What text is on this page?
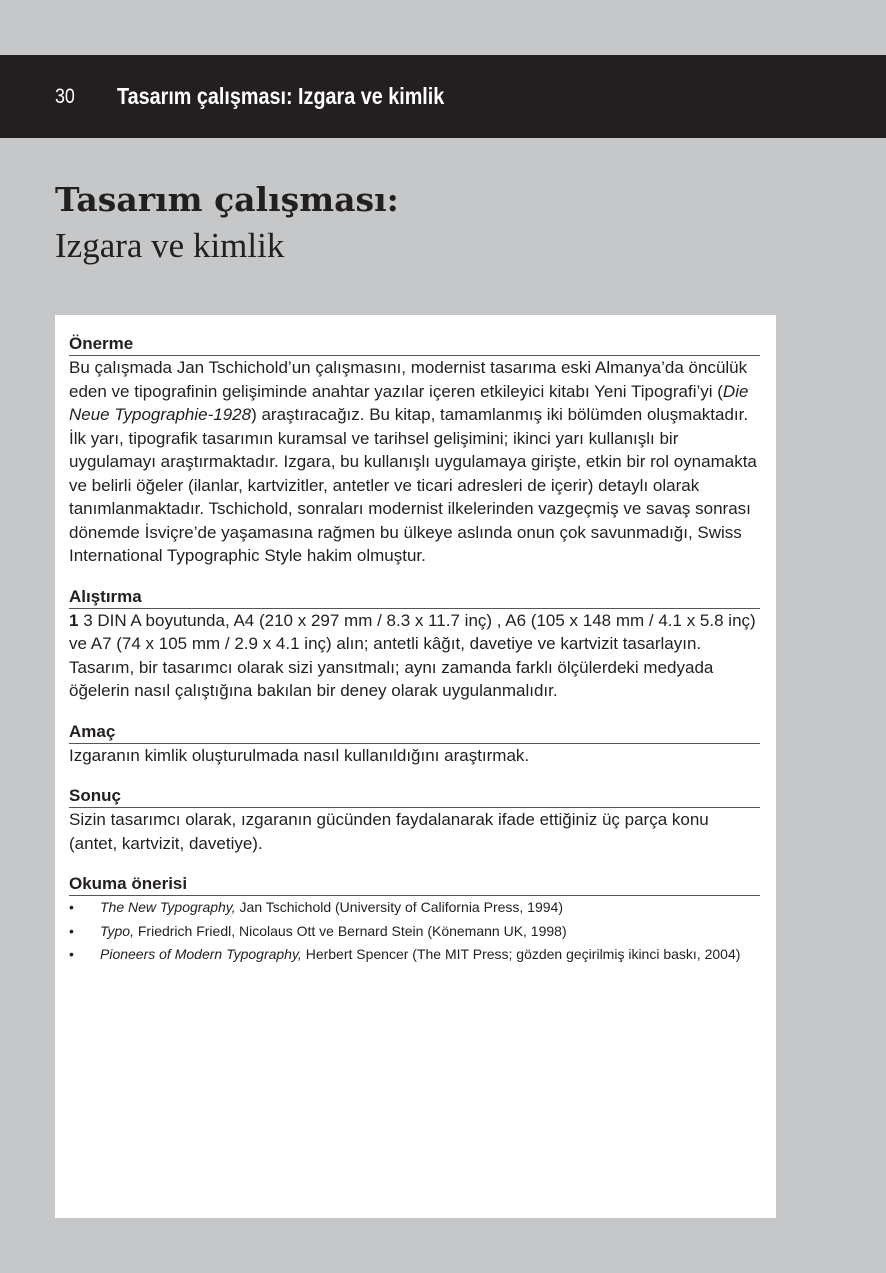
30 Tasarım çalışması: Izgara ve kimlik
Tasarım çalışması:
Izgara ve kimlik
Önerme

Bu çalışmada Jan Tschichold’un çalışmasını, modernist tasarıma eski Almanya’da öncülük eden ve tipografinin gelişiminde anahtar yazılar içeren etkileyici kitabı Yeni Tipografi’yi (Die Neue Typographie-1928) araştıracağız. Bu kitap, tamamlanmış iki bölümden oluşmaktadır. İlk yarı, tipografik tasarımın kuramsal ve tarihsel gelişimini; ikinci yarı kullanışlı bir uygulamayı araştırmaktadır. Izgara, bu kullanışlı uygulamaya girişte, etkin bir rol oynamakta ve belirli öğeler (ilanlar, kartvizitler, antetler ve ticari adresleri de içerir) detaylı olarak tanımlanmaktadır. Tschichold, sonraları modernist ilkelerinden vazgeçmiş ve savaş sonrası dönemde İsviçre’de yaşamasına rağmen bu ülkeye aslında onun çok savunmadığı, Swiss International Typographic Style hakim olmuştur.

Alıştırma

1 3 DIN A boyutunda, A4 (210 x 297 mm / 8.3 x 11.7 inç) , A6 (105 x 148 mm / 4.1 x 5.8 inç) ve A7 (74 x 105 mm / 2.9 x 4.1 inç) alın; antetli kâğıt, davetiye ve kartvizit tasarlayın. Tasarım, bir tasarımcı olarak sizi yansıtmalı; aynı zamanda farklı ölçülerdeki medyada öğelerin nasıl çalıştığına bakılan bir deney olarak uygulanmalıdır.

Amaç

Izgaranın kimlik oluşturulmada nasıl kullanıldığını araştırmak.

Sonuç

Sizin tasarımcı olarak, ızgaranın gücünden faydalanarak ifade ettiğiniz üç parça konu (antet, kartvizit, davetiye).

Okuma önerisi
• The New Typography, Jan Tschichold (University of California Press, 1994)
• Typo, Friedrich Friedl, Nicolaus Ott ve Bernard Stein (Könemann UK, 1998)
• Pioneers of Modern Typography, Herbert Spencer (The MIT Press; gözden geçirilmiş ikinci baskı, 2004)
